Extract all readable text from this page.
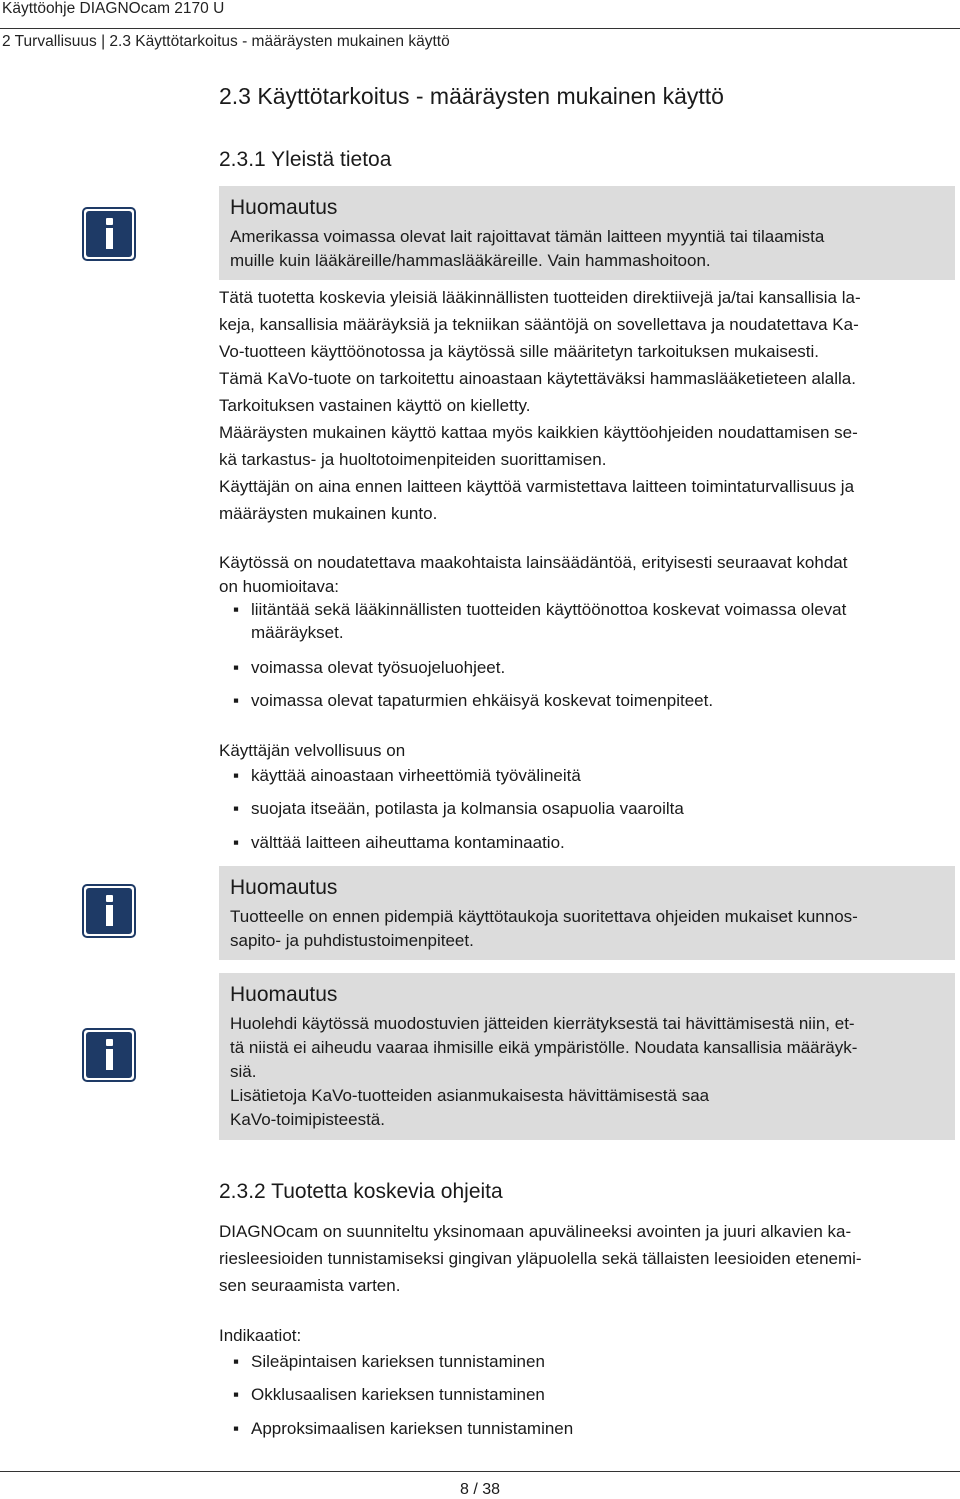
Käyttöohje DIAGNOcam 2170 U
2 Turvallisuus | 2.3 Käyttötarkoitus - määräysten mukainen käyttö
2.3 Käyttötarkoitus - määräysten mukainen käyttö
2.3.1 Yleistä tietoa
Huomautus

Amerikassa voimassa olevat lait rajoittavat tämän laitteen myyntiä tai tilaamista

muille kuin lääkäreille/hammaslääkäreille. Vain hammashoitoon.

Tätä tuotetta koskevia yleisiä lääkinnällisten tuotteiden direktiivejä ja/tai kansallisia la-

keja, kansallisia määräyksiä ja tekniikan sääntöjä on sovellettava ja noudatettava Ka-

Vo-tuotteen käyttöönotossa ja käytössä sille määritetyn tarkoituksen mukaisesti.

Tämä KaVo-tuote on tarkoitettu ainoastaan käytettäväksi hammaslääketieteen alalla.

Tarkoituksen vastainen käyttö on kielletty.

Määräysten mukainen käyttö kattaa myös kaikkien käyttöohjeiden noudattamisen se-

kä tarkastus- ja huoltotoimenpiteiden suorittamisen.

Käyttäjän on aina ennen laitteen käyttöä varmistettava laitteen toimintaturvallisuus ja

määräysten mukainen kunto.

Käytössä on noudatettava maakohtaista lainsäädäntöä, erityisesti seuraavat kohdat

on huomioitava:

▪ liitäntää sekä lääkinnällisten tuotteiden käyttöönottoa koskevat voimassa olevat
määräykset.
▪ voimassa olevat työsuojeluohjeet.
▪ voimassa olevat tapaturmien ehkäisyä koskevat toimenpiteet.
Käyttäjän velvollisuus on
▪ käyttää ainoastaan virheettömiä työvälineitä
▪ suojata itseään, potilasta ja kolmansia osapuolia vaaroilta
▪ välttää laitteen aiheuttama kontaminaatio.
Huomautus

Tuotteelle on ennen pidempiä käyttötaukoja suoritettava ohjeiden mukaiset kunnos-

sapito- ja puhdistustoimenpiteet.

Huomautus

Huolehdi käytössä muodostuvien jätteiden kierrätyksestä tai hävittämisestä niin, et-

tä niistä ei aiheudu vaaraa ihmisille eikä ympäristölle. Noudata kansallisia määräyk-

siä.

Lisätietoja KaVo-tuotteiden asianmukaisesta hävittämisestä saa

KaVo-toimipisteestä.

2.3.2 Tuotetta koskevia ohjeita

DIAGNOcam on suunniteltu yksinomaan apuvälineeksi avointen ja juuri alkavien ka-

riesleesioiden tunnistamiseksi gingivan yläpuolella sekä tällaisten leesioiden etenemi-

sen seuraamista varten.

Indikaatiot:
▪ Sileäpintaisen karieksen tunnistaminen
▪ Okklusaalisen karieksen tunnistaminen
▪ Approksimaalisen karieksen tunnistaminen
8 / 38
